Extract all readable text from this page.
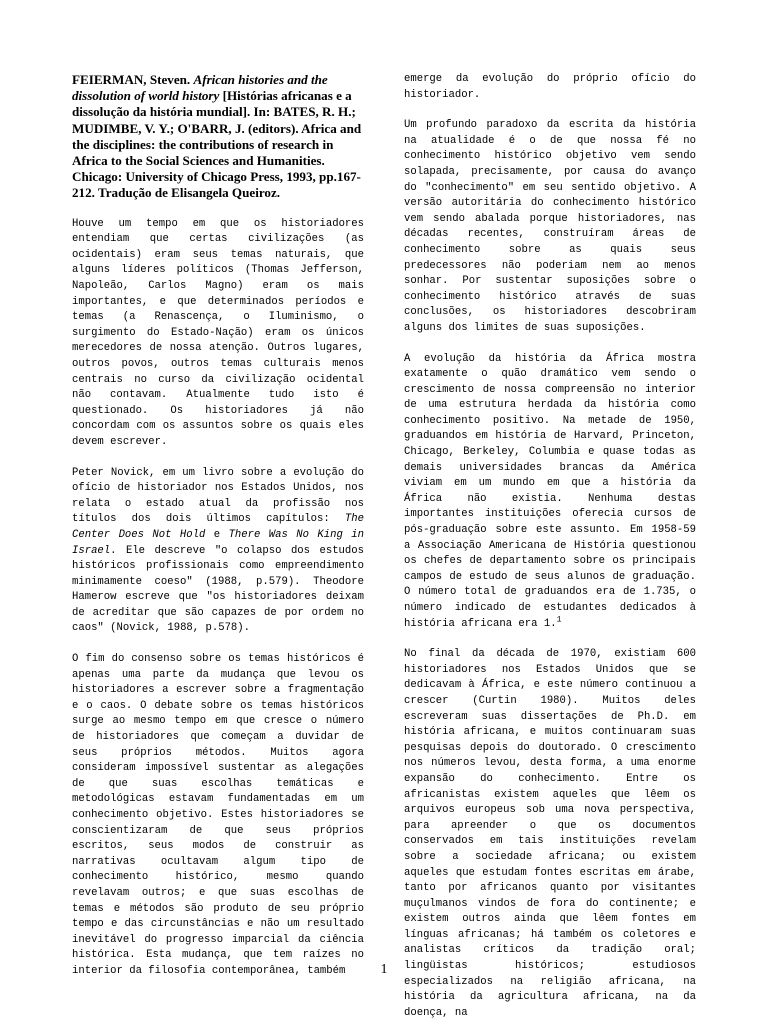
FEIERMAN, Steven. African histories and the dissolution of world history [Histórias africanas e a dissolução da história mundial]. In: BATES, R. H.; MUDIMBE, V. Y.; O'BARR, J. (editors). Africa and the disciplines: the contributions of research in Africa to the Social Sciences and Humanities. Chicago: University of Chicago Press, 1993, pp.167-212. Tradução de Elisangela Queiroz.

Houve um tempo em que os historiadores entendiam que certas civilizações (as ocidentais) eram seus temas naturais, que alguns líderes políticos (Thomas Jefferson, Napoleão, Carlos Magno) eram os mais importantes, e que determinados períodos e temas (a Renascença, o Iluminismo, o surgimento do Estado-Nação) eram os únicos merecedores de nossa atenção. Outros lugares, outros povos, outros temas culturais menos centrais no curso da civilização ocidental não contavam. Atualmente tudo isto é questionado. Os historiadores já não concordam com os assuntos sobre os quais eles devem escrever.

Peter Novick, em um livro sobre a evolução do ofício de historiador nos Estados Unidos, nos relata o estado atual da profissão nos títulos dos dois últimos capítulos: The Center Does Not Hold e There Was No King in Israel. Ele descreve "o colapso dos estudos históricos profissionais como empreendimento minimamente coeso" (1988, p.579). Theodore Hamerow escreve que "os historiadores deixam de acreditar que são capazes de por ordem no caos" (Novick, 1988, p.578).

O fim do consenso sobre os temas históricos é apenas uma parte da mudança que levou os historiadores a escrever sobre a fragmentação e o caos. O debate sobre os temas históricos surge ao mesmo tempo em que cresce o número de historiadores que começam a duvidar de seus próprios métodos. Muitos agora consideram impossível sustentar as alegações de que suas escolhas temáticas e metodológicas estavam fundamentadas em um conhecimento objetivo. Estes historiadores se conscientizaram de que seus próprios escritos, seus modos de construir as narrativas ocultavam algum tipo de conhecimento histórico, mesmo quando revelavam outros; e que suas escolhas de temas e métodos são produto de seu próprio tempo e das circunstâncias e não um resultado inevitável do progresso imparcial da ciência histórica. Esta mudança, que tem raízes no interior da filosofia contemporânea, também

emerge da evolução do próprio ofício do historiador.

Um profundo paradoxo da escrita da história na atualidade é o de que nossa fé no conhecimento histórico objetivo vem sendo solapada, precisamente, por causa do avanço do "conhecimento" em seu sentido objetivo. A versão autoritária do conhecimento histórico vem sendo abalada porque historiadores, nas décadas recentes, construíram áreas de conhecimento sobre as quais seus predecessores não poderiam nem ao menos sonhar. Por sustentar suposições sobre o conhecimento histórico através de suas conclusões, os historiadores descobriram alguns dos limites de suas suposições.

A evolução da história da África mostra exatamente o quão dramático vem sendo o crescimento de nossa compreensão no interior de uma estrutura herdada da história como conhecimento positivo. Na metade de 1950, graduandos em história de Harvard, Princeton, Chicago, Berkeley, Columbia e quase todas as demais universidades brancas da América viviam em um mundo em que a história da África não existia. Nenhuma destas importantes instituições oferecia cursos de pós-graduação sobre este assunto. Em 1958-59 a Associação Americana de História questionou os chefes de departamento sobre os principais campos de estudo de seus alunos de graduação. O número total de graduandos era de 1.735, o número indicado de estudantes dedicados à história africana era 1.$^1$

No final da década de 1970, existiam 600 historiadores nos Estados Unidos que se dedicavam à África, e este número continuou a crescer (Curtin 1980). Muitos deles escreveram suas dissertações de Ph.D. em história africana, e muitos continuaram suas pesquisas depois do doutorado. O crescimento nos números levou, desta forma, a uma enorme expansão do conhecimento. Entre os africanistas existem aqueles que lêem os arquivos europeus sob uma nova perspectiva, para apreender o que os documentos conservados em tais instituições revelam sobre a sociedade africana; ou existem aqueles que estudam fontes escritas em árabe, tanto por africanos quanto por visitantes muçulmanos vindos de fora do continente; e existem outros ainda que lêem fontes em línguas africanas; há também os coletores e analistas críticos da tradição oral; lingüistas históricos; estudiosos especializados na religião africana, na história da agricultura africana, na da doença, na

1
